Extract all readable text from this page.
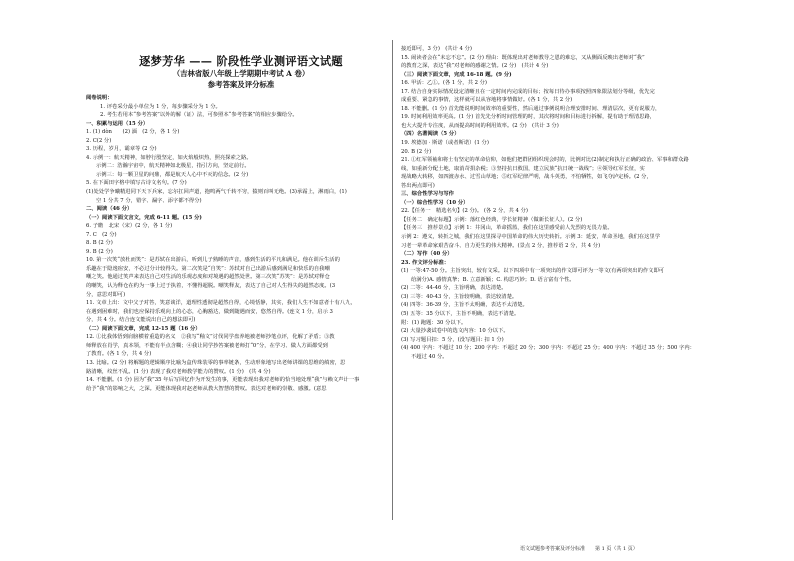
逐梦芳华 —— 阶段性学业测评语文试题
（吉林省版八年级上学期期中考试 A 卷）
参考答案及评分标准

阅卷说明：

1. 评卷采分最小单位为 1 分，每步骤采分为 1 分。

2. 考生若用本“参考答案”以外的解（证）法，可参照本“参考答案”的相应步骤给分。

一、积累与运用（15 分）

1. (1) dòn　　(2) 湎　(2 分，各 1 分)

2. C(2 分)

3. 历程，岁月，霸章等 (2 分)

4. 示例一：航天精神，如脖行殷坚定，如火焰般炽热，照亮探索之路。

示例二：浩瀚宇宙中，航天精神如北极星，指引方向，坚定前行。

示例三：每一颗卫星的问鼎，都是航天人心中不灭的信念。(2 分)

5. 在下面田字格中填写古诗文名句。(7 分)

(1)处处学争曦精进同下天下兵家，忘尔扛回声道，抱鸣两气千转不穷，猿则百叫无绝。(3)承霜上，淋雨白，(1)

空 1 分共 7 分，错字、漏字、添字都不得分)

二、阅读（46 分）

（一）阅读下面文言文，完成 6-11 题。(15 分)

6. 子瞻　北宋（宋）(2 分，各 1 分)

7. C　(2 分)

8. B (2 分)

9. B (2 分)

10. 第一次笑“放杜而笑”：是苏轼在出游后，听到儿子熟睡的声音，感到生活的平凡和满足。他在训斥生活的

乐趣在于隐逸宿安，不必过分计较得失。第二次笑是“自笑”：苏轼对自己出游后感到满足和快乐的自我嘲

嘲之笑。他通过笑声来表达自己对生活的乐观态度和对境遇的超然处世。第三次笑“苏笑”：是苏轼对释仓

的嘲笑，认为释仓在约为一事上过于执着，不懂得超脱。嘲笑释友，表达了自己对人生得失的超然态度。(3

分，意思对即可)

11. 文章上出：文中父子对答，笑意谈洋，道理性透彻是超然自得，心境恬静，其实，我们人生不如意者十有八九，

在遇到困难时，我们也应保持乐观向上的心态，心胸豁达，做到随遇而安，悠然自得。(连文 1 分，启示 3

分，共 4 分。结合连文能说出自己的想法即可)

（二）阅读下面文章，完成 12-15 题（16 分）

12. ①比我体悟到肩膀横着重造的名义　②我写“釉文”讨伐同学盘养地被老师抄笔点评，化解了矛盾；③教

师释放在肖学，真本领，不能有半点含糊；④我让同学抄答案被老师打“0”分，在学习、做人方面都受到

了教育。(各 1 分，共 4 分)

13. 比喻。(2 分) 将解题的逻辑顺序比喻为盒传珠装零的事率链条，生动形象地写出老师讲课的思维的缜密，思

路清晰，纹丝不乱。(1 分) 表现了我对老师教学能力的赞叹。(1 分)　(共 4 分)

14. 不能删。(1 分) 因为“我”35 年后写回忆作为开发生的事，更能表现出我对老师的恰当地处理“我”与赖文声计一事

给予“我”的影响之大，之深。更能体现我对赵老师从教大智慧的赞叹。表达对老师的崇敬、感激。(意思

接近即可，3 分)　(共计 4 分)

15. 闹读者会在“未忘不忘”。(2 分) 理由：既体现出对老师教导之恩的难忘，又从侧面反映出老师对“我”

的教育之深，表达“我”对老师的感谢之情。(2 分)　(共计 4 分)

（三）阅读下面文章，完成 16-18 题。(9 分)

16. 甲活：乙①。(各 1 分，共 2 分)

17. 结合自身实际情况设定清晰且在一定时间内完成的目标；按每日待办事项按照四象限法划分等级，优先完

成重要、紧急的事情，这样就可以从容地将事情做好。(各 1 分，共 2 分)

18. 不能删。(1 分) 首先能说明时间效率的重要性，然后通过事例说明合理安排时间、理清层次，更有说服力，

19. 时间利用效率更高。(1 分) 首先先分析时间管理的时，其次将时间和目标进行拆解，提有助于理清思路，

也大大提升专注度，从而提高时间的利用效率。(2 分)　(共计 3 分)

（四）名著阅读（5 分）

19. 埃德加 · 斯诺（或者斯诺）(1 分)

20. B (2 分)

21. ①红军领袖和将士有坚定的革命信仰，如他们把群团组织现会时的，比例对比(2)制定和执行正确的政治、军事和群众路

线，如重新分配土地，取消苛捐杂税；③坚持抗日救国，建立民族“抗日统一战线”；④领导红军长征，实

现战略大转移，如四渡赤水、过雪山草地；⑤红军纪律严明，战斗英勇，不怕牺牲，如飞夺泸定桥。(2 分，

答出两点即可)

三、综合性学习与写作

（一）综合性学习（10 分）

22.【任务一　精选名句】(2 分)。 (各 2 分，共 4 分)

【任务二　确定标题】示例：落红色经典，学长征精神（做新长征人）。(2 分)

【任务三　推荐景点】示例 1：井冈山，革命摇篮，我们在这里感受前人先烈的无畏力量。

示例 2：遵义，转折之城，我们在这里探寻中国革命的伟大历史转折。示例 3：延安，革命圣地，我们在这里学

习老一辈革命家艰苦奋斗、自力更生的伟大精神。(景点 2 分，推荐语 2 分，共 4 分)

（二）写作（40 分）

23. 作文评分标准：

(1) 一等:47-50 分。主旨突出，较有文采。以下四项中有一项突出的作文即可评为一等文(有两项突出的作文即可

给满分)A. 感情真挚；B. 立意新颖；C. 构思巧妙；D. 语言富有个性。

(2) 二等：44-46 分，主旨明确，表达清楚。

(3) 三等：40-43 分，主旨较明确，表达较清楚。

(4) 四等：36-39 分，主旨不太明确，表达不太清楚。

(5) 五等：35 分以下，主旨不明确，表达不清楚。

附：(1) 跑题：30 分以下。

(2) 大量抄袭试卷中的选文内容：10 分以下。

(3) 写习题目扣：5 分，(没写题目: 扣 1 分)

(4) 400 字内：不超过 10 分；200 字内：不超过 20 分；300 字内：不超过 25 分；400 字内：不超过 35 分；500 字内：

不超过 40 分。

语文试题参考答案及评分标准　　第 1 页（共 1 页）
